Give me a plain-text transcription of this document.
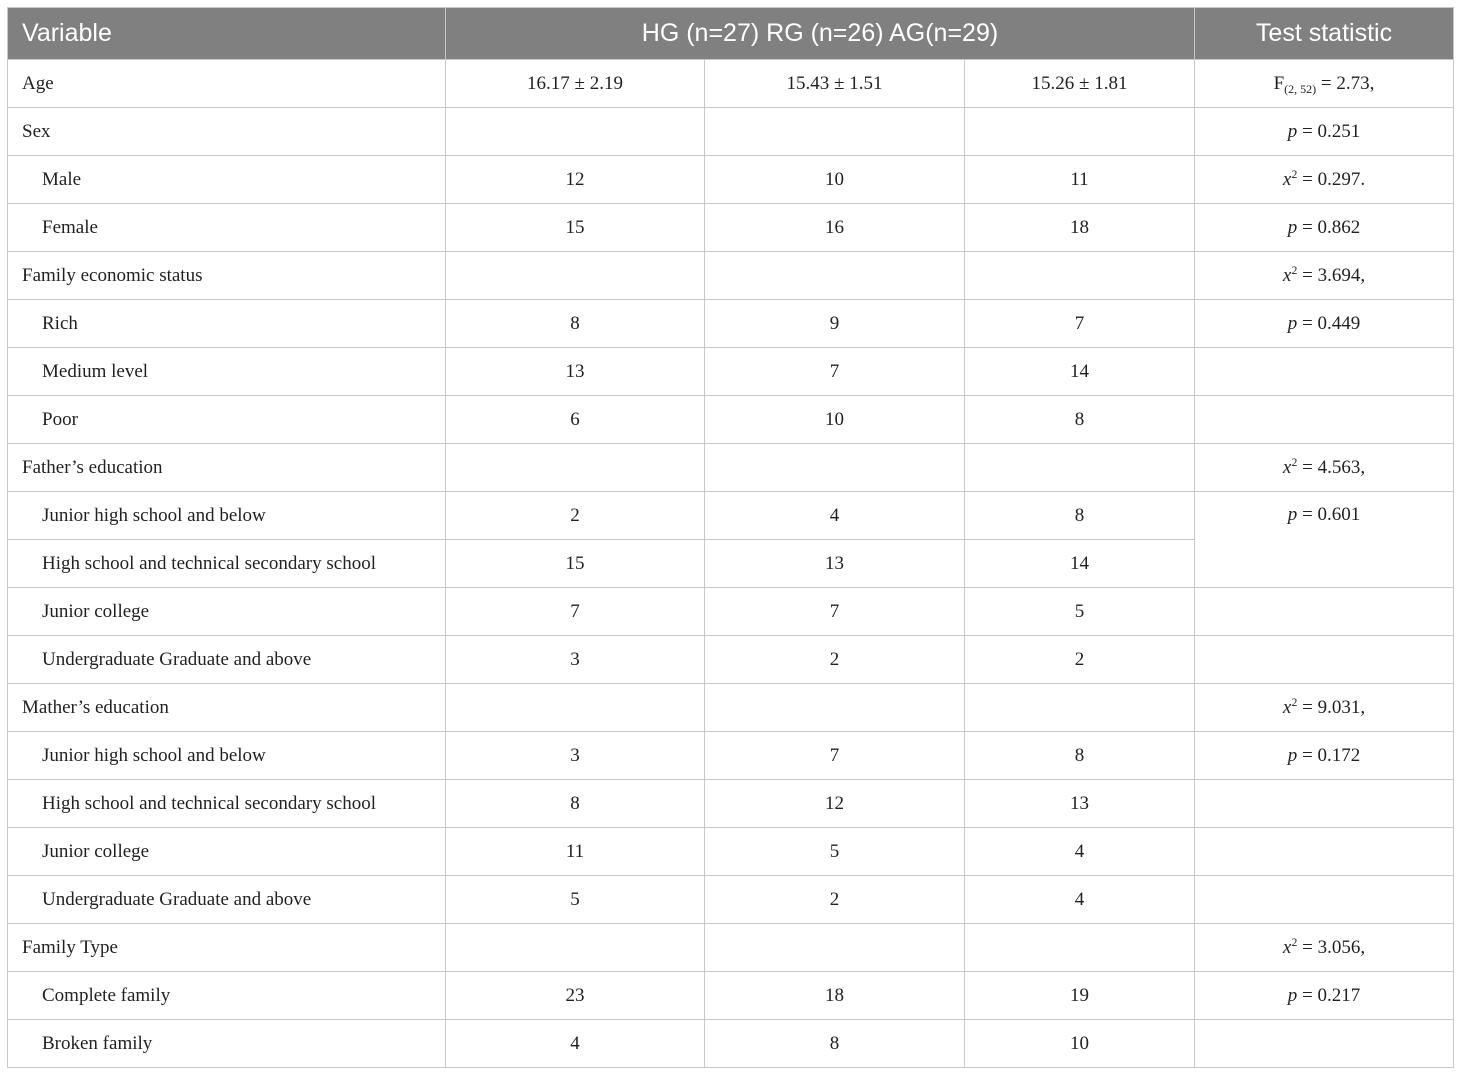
Variable	HG (n=27) RG (n=26) AG(n=29)			Test statistic
Age	16.17 ± 2.19	15.43 ± 1.51	15.26 ± 1.81	$F_{(2, 52)} = 2.73$,
Sex				p = 0.251
Male	12	10	11	$x^2 = 0.297$.
Female	15	16	18	p = 0.862
Family economic status				$x^2 = 3.694$,
Rich	8	9	7	p = 0.449
Medium level	13	7	14	
Poor	6	10	8	
Father’s education				$x^2 = 4.563$,
Junior high school and below	2	4	8	p = 0.601
High school and technical secondary school	15	13	14	
Junior college	7	7	5	
Undergraduate Graduate and above	3	2	2	
Mather’s education				$x^2 = 9.031$,
Junior high school and below	3	7	8	p = 0.172
High school and technical secondary school	8	12	13	
Junior college	11	5	4	
Undergraduate Graduate and above	5	2	4	
Family Type				$x^2 = 3.056$,
Complete family	23	18	19	p = 0.217
Broken family	4	8	10	
